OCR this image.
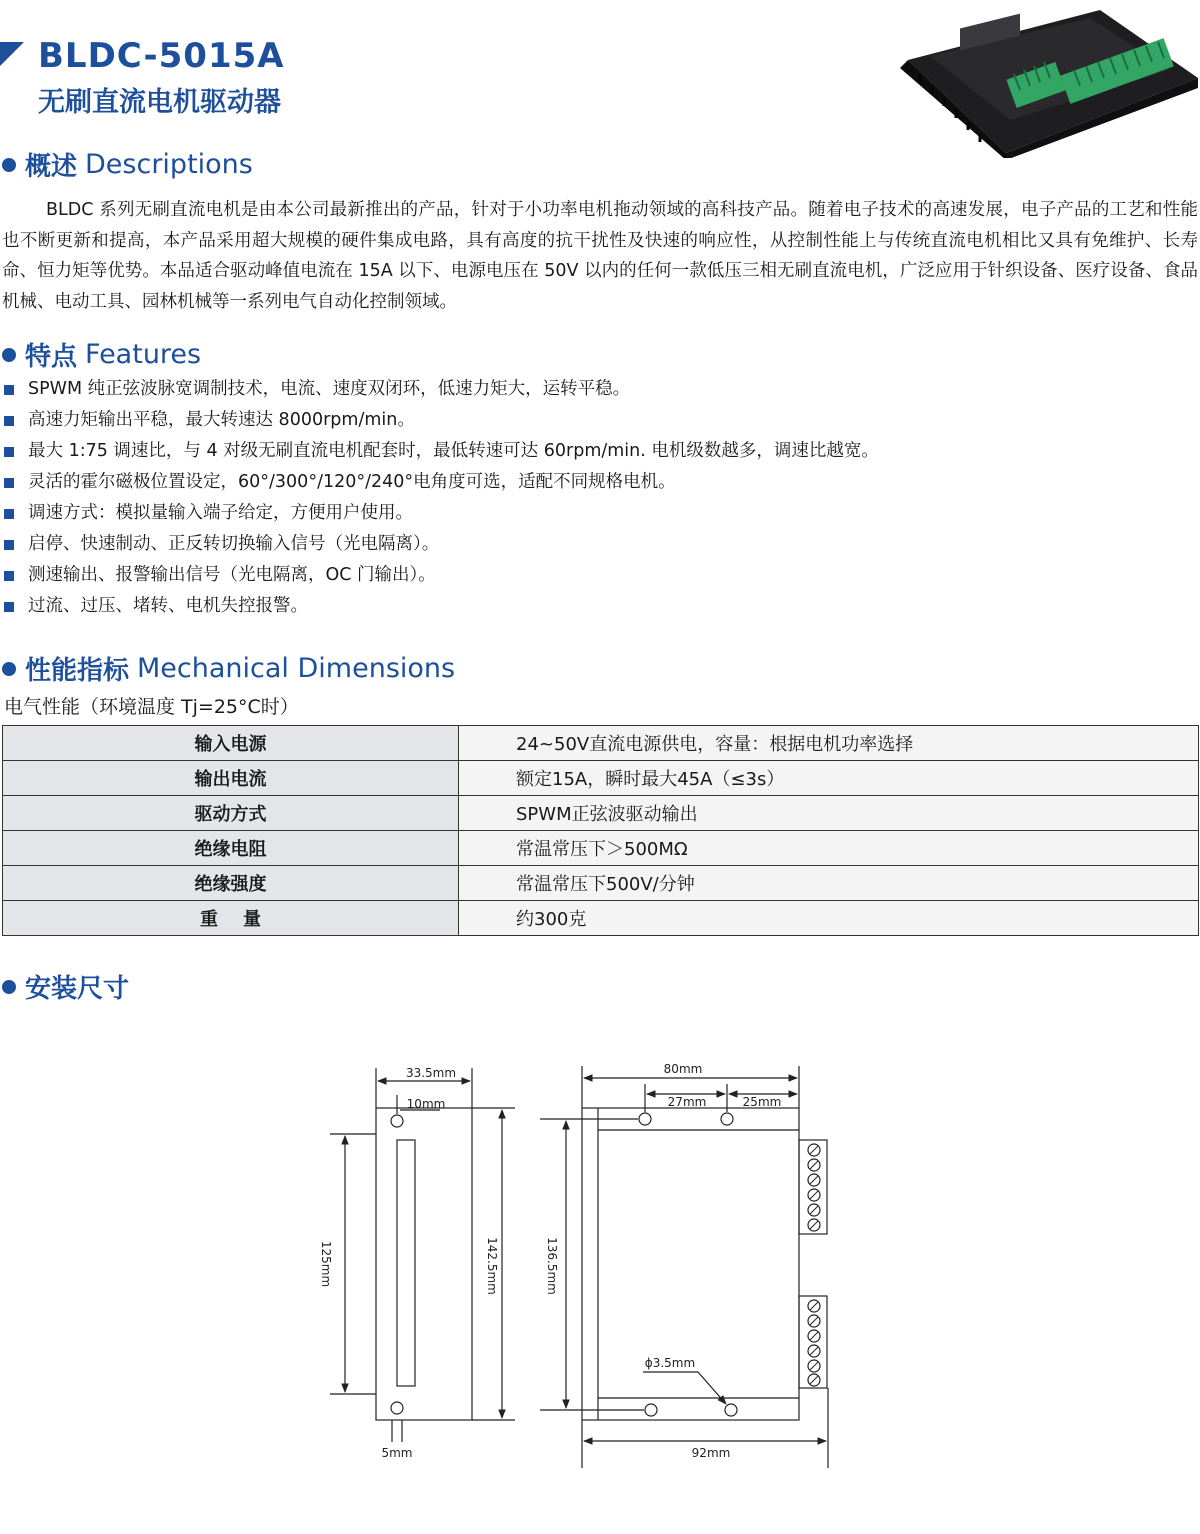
BLDC-5015A
无刷直流电机驱动器
概述 Descriptions
BLDC 系列无刷直流电机是由本公司最新推出的产品，针对于小功率电机拖动领域的高科技产品。随着电子技术的高速发展，电子产品的工艺和性能也不断更新和提高，本产品采用超大规模的硬件集成电路，具有高度的抗干扰性及快速的响应性，从控制性能上与传统直流电机相比又具有免维护、长寿命、恒力矩等优势。本品适合驱动峰值电流在 15A 以下、电源电压在 50V 以内的任何一款低压三相无刷直流电机，广泛应用于针织设备、医疗设备、食品机械、电动工具、园林机械等一系列电气自动化控制领域。
特点 Features
SPWM 纯正弦波脉宽调制技术，电流、速度双闭环，低速力矩大，运转平稳。
高速力矩输出平稳，最大转速达 8000rpm/min。
最大 1:75 调速比，与 4 对级无刷直流电机配套时，最低转速可达 60rpm/min. 电机级数越多，调速比越宽。
灵活的霍尔磁极位置设定，60°/300°/120°/240°电角度可选，适配不同规格电机。
调速方式：模拟量输入端子给定，方便用户使用。
启停、快速制动、正反转切换输入信号（光电隔离）。
测速输出、报警输出信号（光电隔离，OC 门输出）。
过流、过压、堵转、电机失控报警。
性能指标 Mechanical Dimensions
电气性能（环境温度 Tj=25°C时）
输入电源	24~50V直流电源供电，容量：根据电机功率选择
输出电流	额定15A，瞬时最大45A（≤3s）
驱动方式	SPWM正弦波驱动输出
绝缘电阻	常温常压下＞500MΩ
绝缘强度	常温常压下500V/分钟
重    量	约300克
安装尺寸
33.5mm
10mm
125mm	142.5mm
5mm
80mm
27mm	25mm
136.5mm
ϕ3.5mm
92mm
